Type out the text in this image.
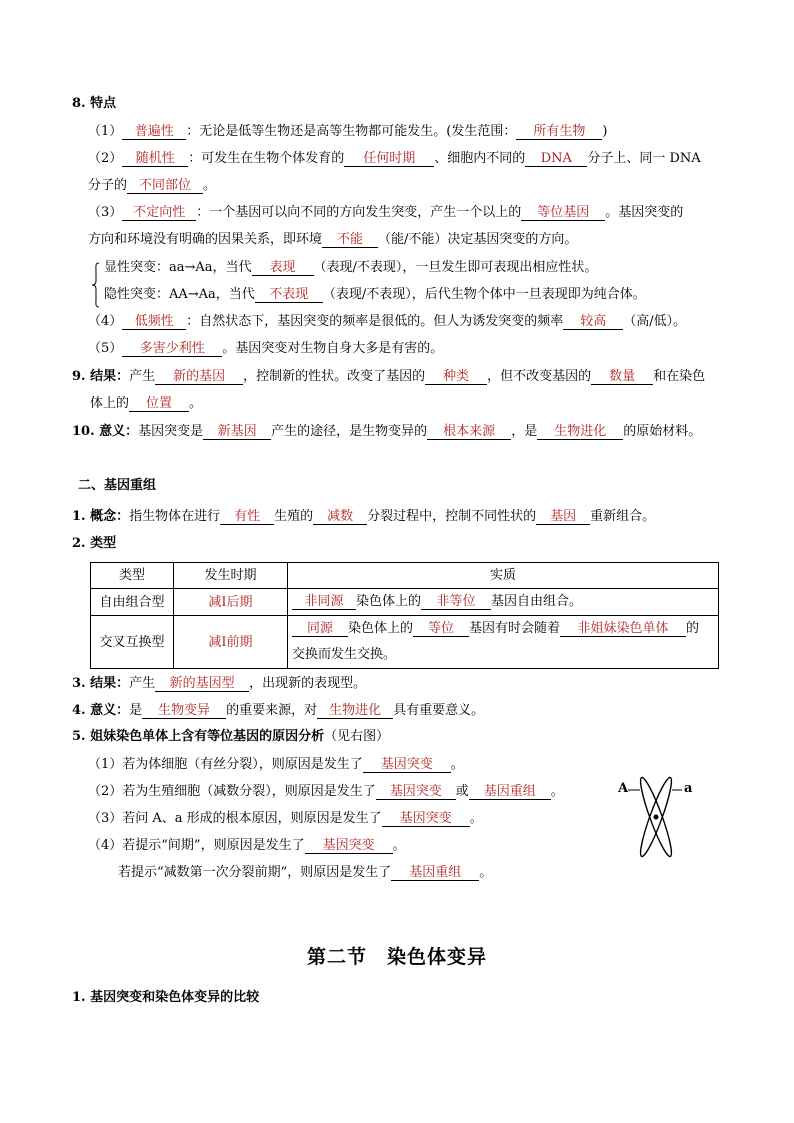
8. 特点
（1） 普遍性 ：无论是低等生物还是高等生物都可能发生。(发生范围： 所有生物 )
（2） 随机性 ：可发生在生物个体发育的 任何时期 、细胞内不同的 DNA 分子上、同一 DNA
分子的 不同部位 。
（3） 不定向性 ：一个基因可以向不同的方向发生突变，产生一个以上的 等位基因 。基因突变的
方向和环境没有明确的因果关系，即环境 不能 （能/不能）决定基因突变的方向。
显性突变：aa→Aa，当代 表现 （表现/不表现），一旦发生即可表现出相应性状。
隐性突变：AA→Aa，当代 不表现 （表现/不表现），后代生物个体中一旦表现即为纯合体。
（4） 低频性 ：自然状态下，基因突变的频率是很低的。但人为诱发突变的频率 较高 （高/低）。
（5） 多害少利性 。基因突变对生物自身大多是有害的。
9. 结果：产生 新的基因 ，控制新的性状。改变了基因的 种类 ，但不改变基因的 数量 和在染色
体上的 位置 。
10. 意义：基因突变是 新基因 产生的途径，是生物变异的 根本来源 ，是 生物进化 的原始材料。
二、基因重组
1. 概念：指生物体在进行 有性 生殖的 减数 分裂过程中，控制不同性状的 基因 重新组合。
2. 类型
类型	发生时期	实质
自由组合型	减Ⅰ后期	非同源 染色体上的 非等位 基因自由组合。
交叉互换型	减Ⅰ前期	同源 染色体上的 等位 基因有时会随着 非姐妹染色单体 的
交换而发生交换。
3. 结果：产生 新的基因型 ，出现新的表现型。
4. 意义：是 生物变异 的重要来源，对 生物进化 具有重要意义。
5. 姐妹染色单体上含有等位基因的原因分析（见右图）
（1）若为体细胞（有丝分裂），则原因是发生了 基因突变 。
（2）若为生殖细胞（减数分裂），则原因是发生了 基因突变 或 基因重组 。
（3）若问 A、a 形成的根本原因，则原因是发生了 基因突变 。
（4）若提示“间期”，则原因是发生了 基因突变 。
若提示“减数第一次分裂前期”，则原因是发生了 基因重组 。
A	a
第二节　染色体变异
1. 基因突变和染色体变异的比较
